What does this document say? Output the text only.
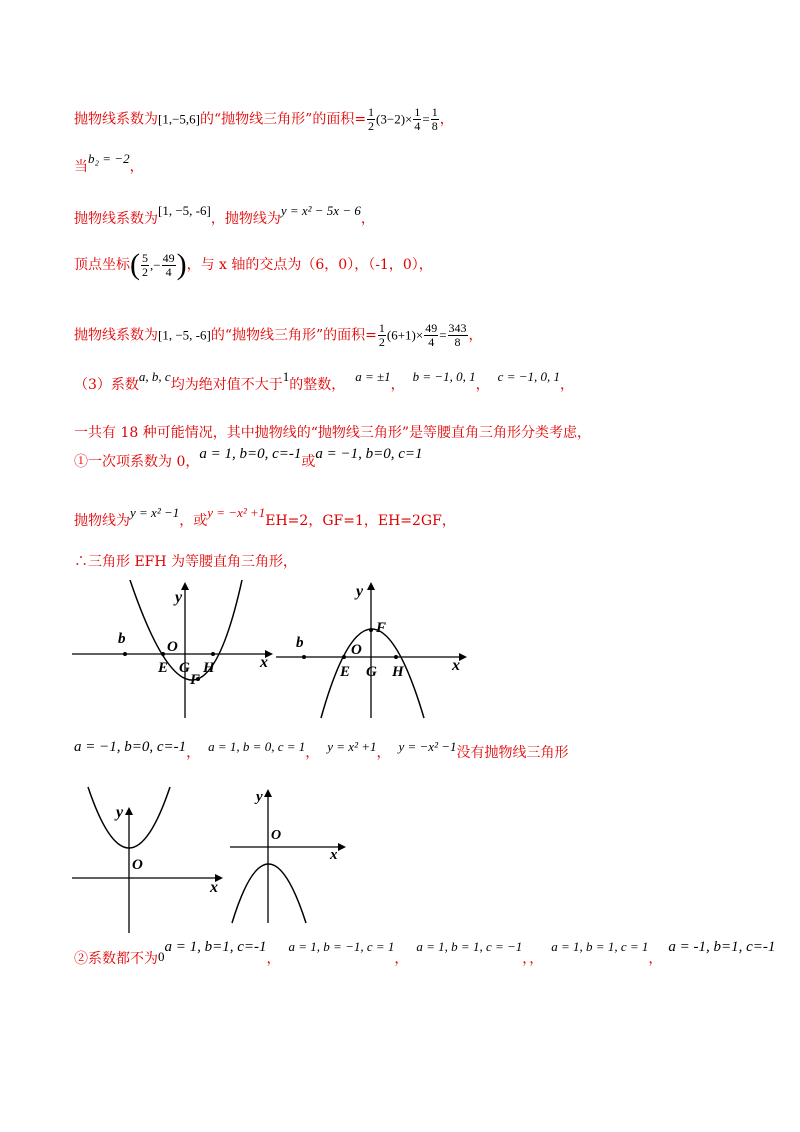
抛物线系数为[1,−5,6]的“抛物线三角形”的面积= $\frac{1}{2} (3-2)\times \frac{1}{4} = \frac{1}{8}$ ，
当b₂ = −2，
抛物线系数为[1, −5, -6]，抛物线为y = x² − 5x − 6，
顶点坐标( $\frac{5}{2}$ ,− $\frac{49}{4}$ )，与 x 轴的交点为（6，0），（-1，0），
抛物线系数为[1, −5, -6]的“抛物线三角形”的面积= $\frac{1}{2} (6+1)\times \frac{49}{4} = \frac{343}{8}$ ，
（3）系数a, b, c均为绝对值不大于1的整数，a = ±1，b = −1, 0, 1，c = −1, 0, 1，
一共有 18 种可能情况，其中抛物线的“抛物线三角形”是等腰直角三角形分类考虑，
①一次项系数为 0，a = 1, b=0, c=-1或a = −1, b=0, c=1
抛物线为y = x² −1，或y = −x² +1EH=2，GF=1，EH=2GF，
∴三角形 EFH 为等腰直角三角形，
y
x
b	O
E G H
F
y
x
b	O
E G H
F
a = −1, b=0, c=-1， a = 1, b = 0, c = 1， y = x² +1， y = −x² −1没有抛物线三角形
y
x
O
y
x
O
②系数都不为0a = 1, b=1, c=-1，a = 1, b = −1, c = 1，a = 1, b = 1, c = −1，，a = 1, b = 1, c = 1，a = -1, b=1, c=-1
